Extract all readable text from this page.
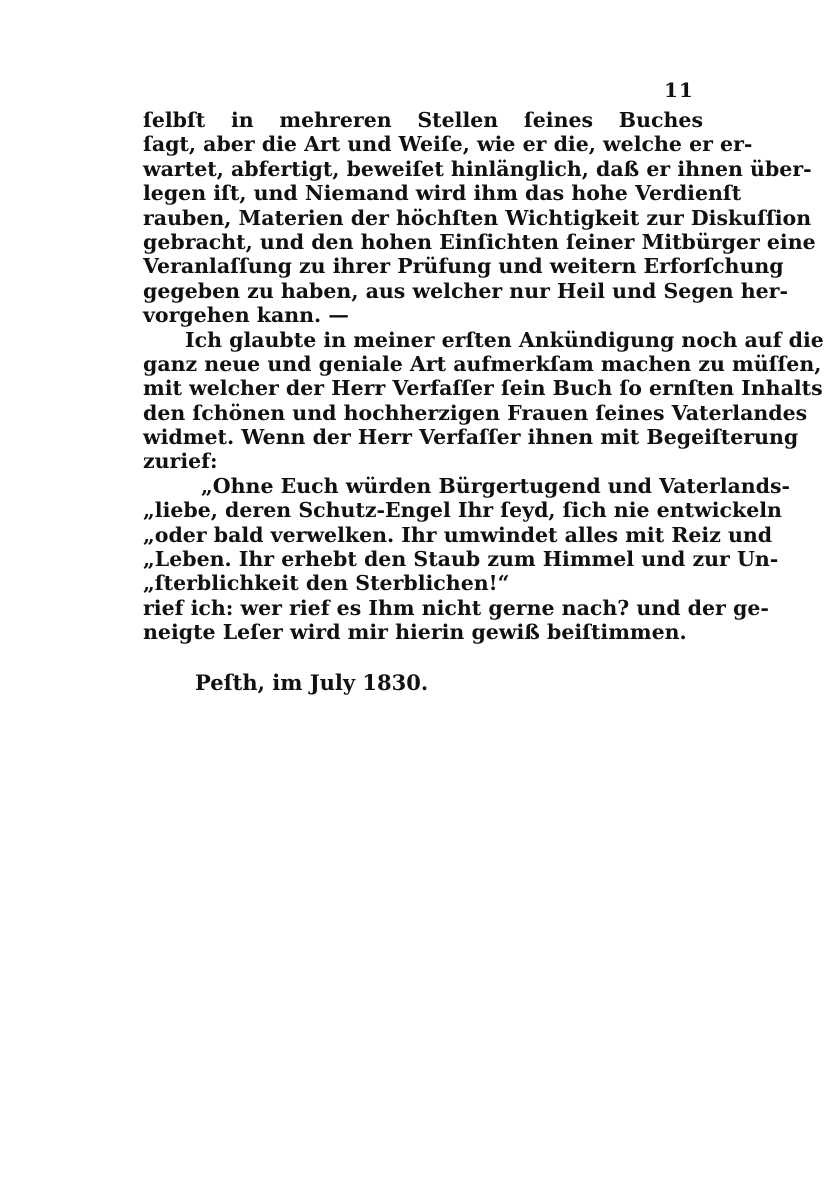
11
ſelbſt in mehreren Stellen ſeines Buches
ſagt, aber die Art und Weiſe, wie er die, welche er er-
wartet, abfertigt, beweiſet hinlänglich, daß er ihnen über-
legen iſt, und Niemand wird ihm das hohe Verdienſt
rauben, Materien der höchſten Wichtigkeit zur Diskuſſion
gebracht, und den hohen Einſichten ſeiner Mitbürger eine
Veranlaſſung zu ihrer Prüfung und weitern Erforſchung
gegeben zu haben, aus welcher nur Heil und Segen her-
vorgehen kann. —
Ich glaubte in meiner erſten Ankündigung noch auf die
ganz neue und geniale Art aufmerkſam machen zu müſſen,
mit welcher der Herr Verfaſſer ſein Buch ſo ernſten Inhalts
den ſchönen und hochherzigen Frauen ſeines Vaterlandes
widmet. Wenn der Herr Verfaſſer ihnen mit Begeiſterung
zurief:
„Ohne Euch würden Bürgertugend und Vaterlands-
„liebe, deren Schutz-Engel Ihr ſeyd, ſich nie entwickeln
„oder bald verwelken. Ihr umwindet alles mit Reiz und
„Leben. Ihr erhebt den Staub zum Himmel und zur Un-
„ſterblichkeit den Sterblichen!“
rief ich: wer rief es Ihm nicht gerne nach? und der ge-
neigte Leſer wird mir hierin gewiß beiſtimmen.
Peſth, im July 1830.
